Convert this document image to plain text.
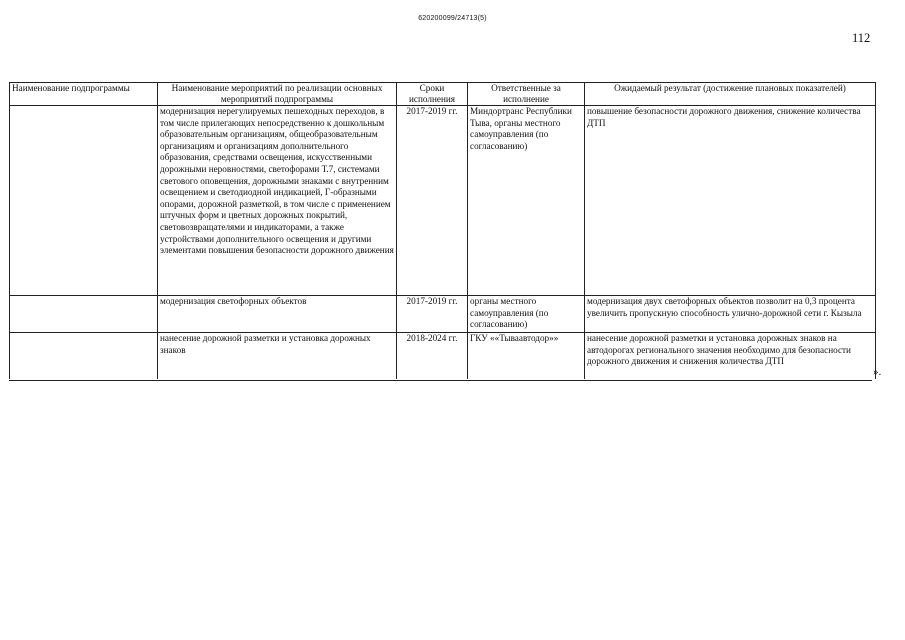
620200099/24713(5)
112
Наименование подпрограммы	Наименование мероприятий по реализации основных мероприятий подпрограммы	Сроки исполнения	Ответственные за исполнение	Ожидаемый результат (достижение плановых показателей)
	модернизация нерегулируемых пешеходных переходов, в том числе прилегающих непосредственно к дошкольным образовательным организациям, общеобразовательным организациям и организациям дополнительного образования, средствами освещения, искусственными дорожными неровностями, светофорами Т.7, системами светового оповещения, дорожными знаками с внутренним освещением и светодиодной индикацией, Г-образными опорами, дорожной разметкой, в том числе с применением штучных форм и цветных дорожных покрытий, световозвращателями и индикаторами, а также устройствами дополнительного освещения и другими элементами повышения безопасности дорожного движения	2017-2019 гг.	Миндортранс Республики Тыва, органы местного самоуправления (по согласованию)	повышение безопасности дорожного движения, снижение количества ДТП
	модернизация светофорных объектов	2017-2019 гг.	органы местного самоуправления (по согласованию)	модернизация двух светофорных объектов позволит на 0,3 процента увеличить пропускную способность улично-дорожной сети г. Кызыла
	нанесение дорожной разметки и установка дорожных знаков	2018-2024 гг.	ГКУ ««Тываавтодор»»	нанесение дорожной разметки и установка дорожных знаков на автодорогах регионального значения необходимо для безопасности дорожного движения и снижения количества ДТП
».
